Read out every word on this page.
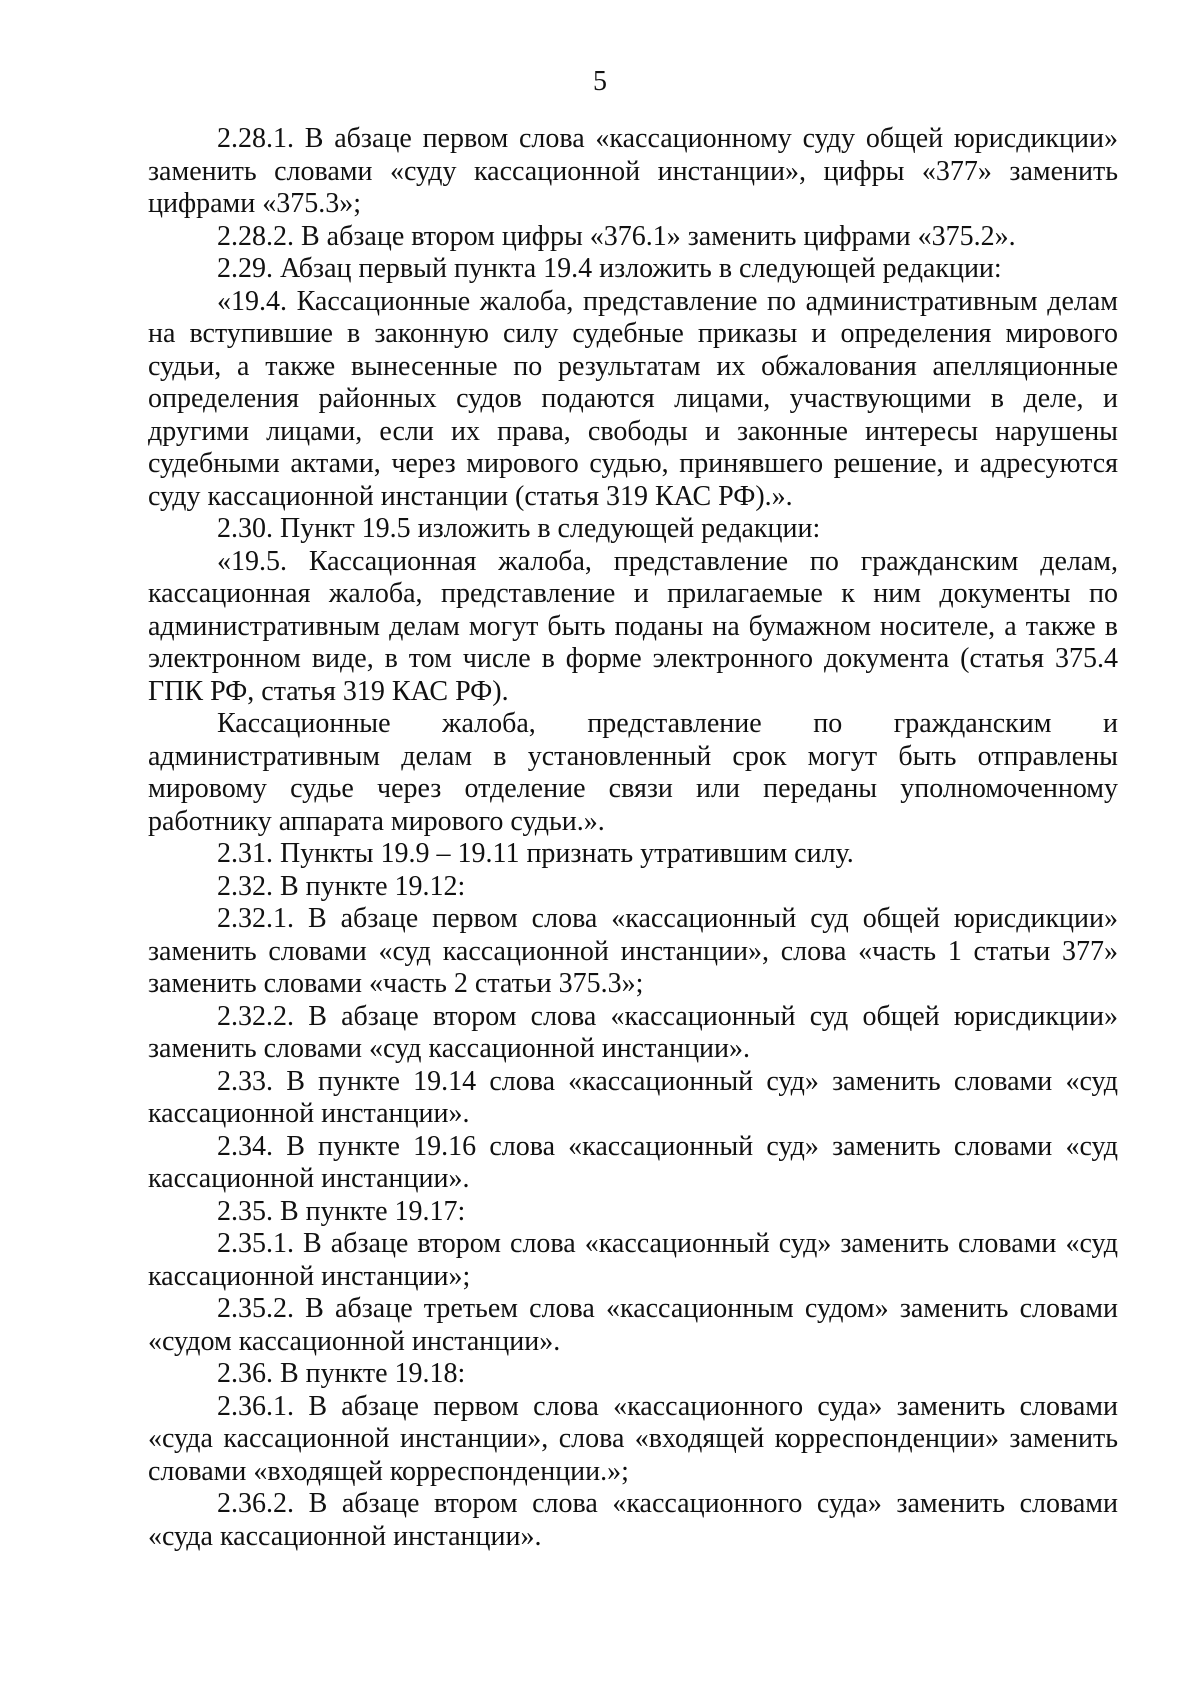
5

2.28.1. В абзаце первом слова «кассационному суду общей юрисдикции» заменить словами «суду кассационной инстанции», цифры «377» заменить цифрами «375.3»;

2.28.2. В абзаце втором цифры «376.1» заменить цифрами «375.2».

2.29. Абзац первый пункта 19.4 изложить в следующей редакции:

«19.4. Кассационные жалоба, представление по административным делам на вступившие в законную силу судебные приказы и определения мирового судьи, а также вынесенные по результатам их обжалования апелляционные определения районных судов подаются лицами, участвующими в деле, и другими лицами, если их права, свободы и законные интересы нарушены судебными актами, через мирового судью, принявшего решение, и адресуются суду кассационной инстанции (статья 319 КАС РФ).».

2.30. Пункт 19.5 изложить в следующей редакции:

«19.5. Кассационная жалоба, представление по гражданским делам, кассационная жалоба, представление и прилагаемые к ним документы по административным делам могут быть поданы на бумажном носителе, а также в электронном виде, в том числе в форме электронного документа (статья 375.4 ГПК РФ, статья 319 КАС РФ).

Кассационные жалоба, представление по гражданским и административным делам в установленный срок могут быть отправлены мировому судье через отделение связи или переданы уполномоченному работнику аппарата мирового судьи.».

2.31. Пункты 19.9 – 19.11 признать утратившим силу.

2.32. В пункте 19.12:

2.32.1. В абзаце первом слова «кассационный суд общей юрисдикции» заменить словами «суд кассационной инстанции», слова «часть 1 статьи 377» заменить словами «часть 2 статьи 375.3»;

2.32.2. В абзаце втором слова «кассационный суд общей юрисдикции» заменить словами «суд кассационной инстанции».

2.33. В пункте 19.14 слова «кассационный суд» заменить словами «суд кассационной инстанции».

2.34. В пункте 19.16 слова «кассационный суд» заменить словами «суд кассационной инстанции».

2.35. В пункте 19.17:

2.35.1. В абзаце втором слова «кассационный суд» заменить словами «суд кассационной инстанции»;

2.35.2. В абзаце третьем слова «кассационным судом» заменить словами «судом кассационной инстанции».

2.36. В пункте 19.18:

2.36.1. В абзаце первом слова «кассационного суда» заменить словами «суда кассационной инстанции», слова «входящей корреспонденции» заменить словами «входящей корреспонденции.»;

2.36.2. В абзаце втором слова «кассационного суда» заменить словами «суда кассационной инстанции».
